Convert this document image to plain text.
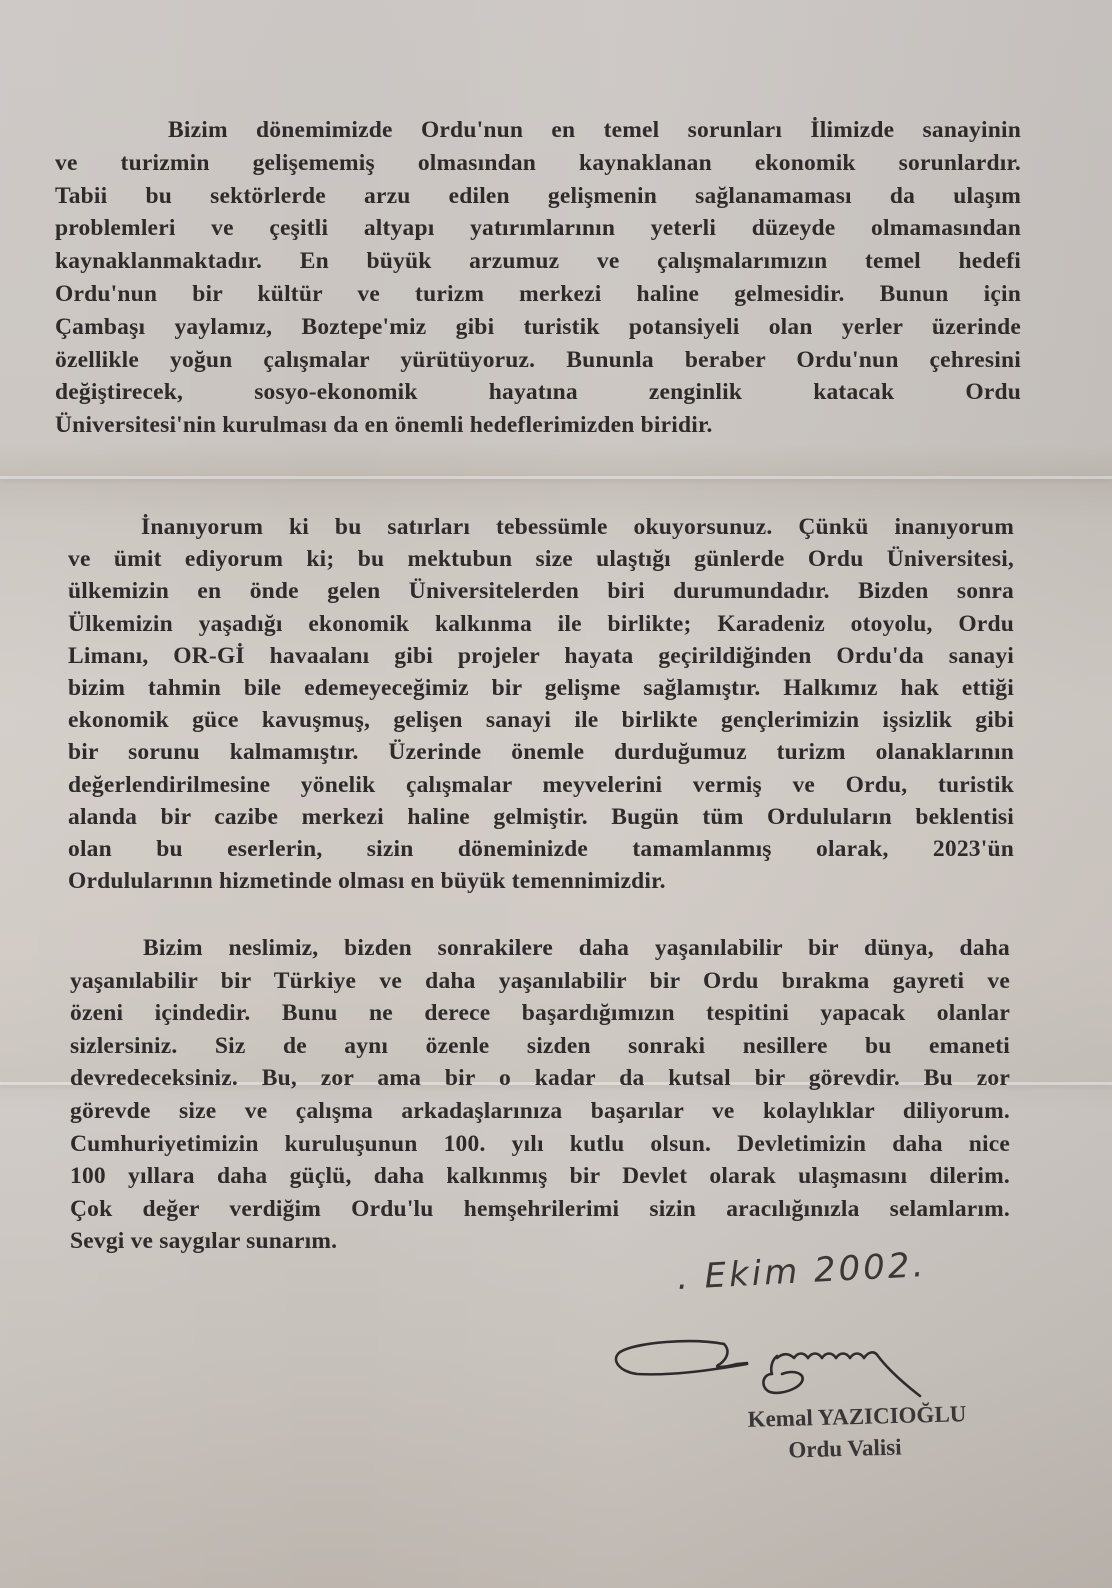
Bizim dönemimizde Ordu'nun en temel sorunları İlimizde sanayinin
ve turizmin gelişememiş olmasından kaynaklanan ekonomik sorunlardır.
Tabii bu sektörlerde arzu edilen gelişmenin sağlanamaması da ulaşım
problemleri ve çeşitli altyapı yatırımlarının yeterli düzeyde olmamasından
kaynaklanmaktadır. En büyük arzumuz ve çalışmalarımızın temel hedefi
Ordu'nun bir kültür ve turizm merkezi haline gelmesidir. Bunun için
Çambaşı yaylamız, Boztepe'miz gibi turistik potansiyeli olan yerler üzerinde
özellikle yoğun çalışmalar yürütüyoruz. Bununla beraber Ordu'nun çehresini
değiştirecek, sosyo-ekonomik hayatına zenginlik katacak Ordu
Üniversitesi'nin kurulması da en önemli hedeflerimizden biridir.
İnanıyorum ki bu satırları tebessümle okuyorsunuz. Çünkü inanıyorum
ve ümit ediyorum ki; bu mektubun size ulaştığı günlerde Ordu Üniversitesi,
ülkemizin en önde gelen Üniversitelerden biri durumundadır. Bizden sonra
Ülkemizin yaşadığı ekonomik kalkınma ile birlikte; Karadeniz otoyolu, Ordu
Limanı, OR-Gİ havaalanı gibi projeler hayata geçirildiğinden Ordu'da sanayi
bizim tahmin bile edemeyeceğimiz bir gelişme sağlamıştır. Halkımız hak ettiği
ekonomik güce kavuşmuş, gelişen sanayi ile birlikte gençlerimizin işsizlik gibi
bir sorunu kalmamıştır. Üzerinde önemle durduğumuz turizm olanaklarının
değerlendirilmesine yönelik çalışmalar meyvelerini vermiş ve Ordu, turistik
alanda bir cazibe merkezi haline gelmiştir. Bugün tüm Orduluların beklentisi
olan bu eserlerin, sizin döneminizde tamamlanmış olarak, 2023'ün
Ordulularının hizmetinde olması en büyük temennimizdir.
Bizim neslimiz, bizden sonrakilere daha yaşanılabilir bir dünya, daha
yaşanılabilir bir Türkiye ve daha yaşanılabilir bir Ordu bırakma gayreti ve
özeni içindedir. Bunu ne derece başardığımızın tespitini yapacak olanlar
sizlersiniz. Siz de aynı özenle sizden sonraki nesillere bu emaneti
devredeceksiniz. Bu, zor ama bir o kadar da kutsal bir görevdir. Bu zor
görevde size ve çalışma arkadaşlarınıza başarılar ve kolaylıklar diliyorum.
Cumhuriyetimizin kuruluşunun 100. yılı kutlu olsun. Devletimizin daha nice
100 yıllara daha güçlü, daha kalkınmış bir Devlet olarak ulaşmasını dilerim.
Çok değer verdiğim Ordu'lu hemşehrilerimi sizin aracılığınızla selamlarım.
Sevgi ve saygılar sunarım.
. Ekim 2002.
Kemal YAZICIOĞLU
Ordu Valisi
